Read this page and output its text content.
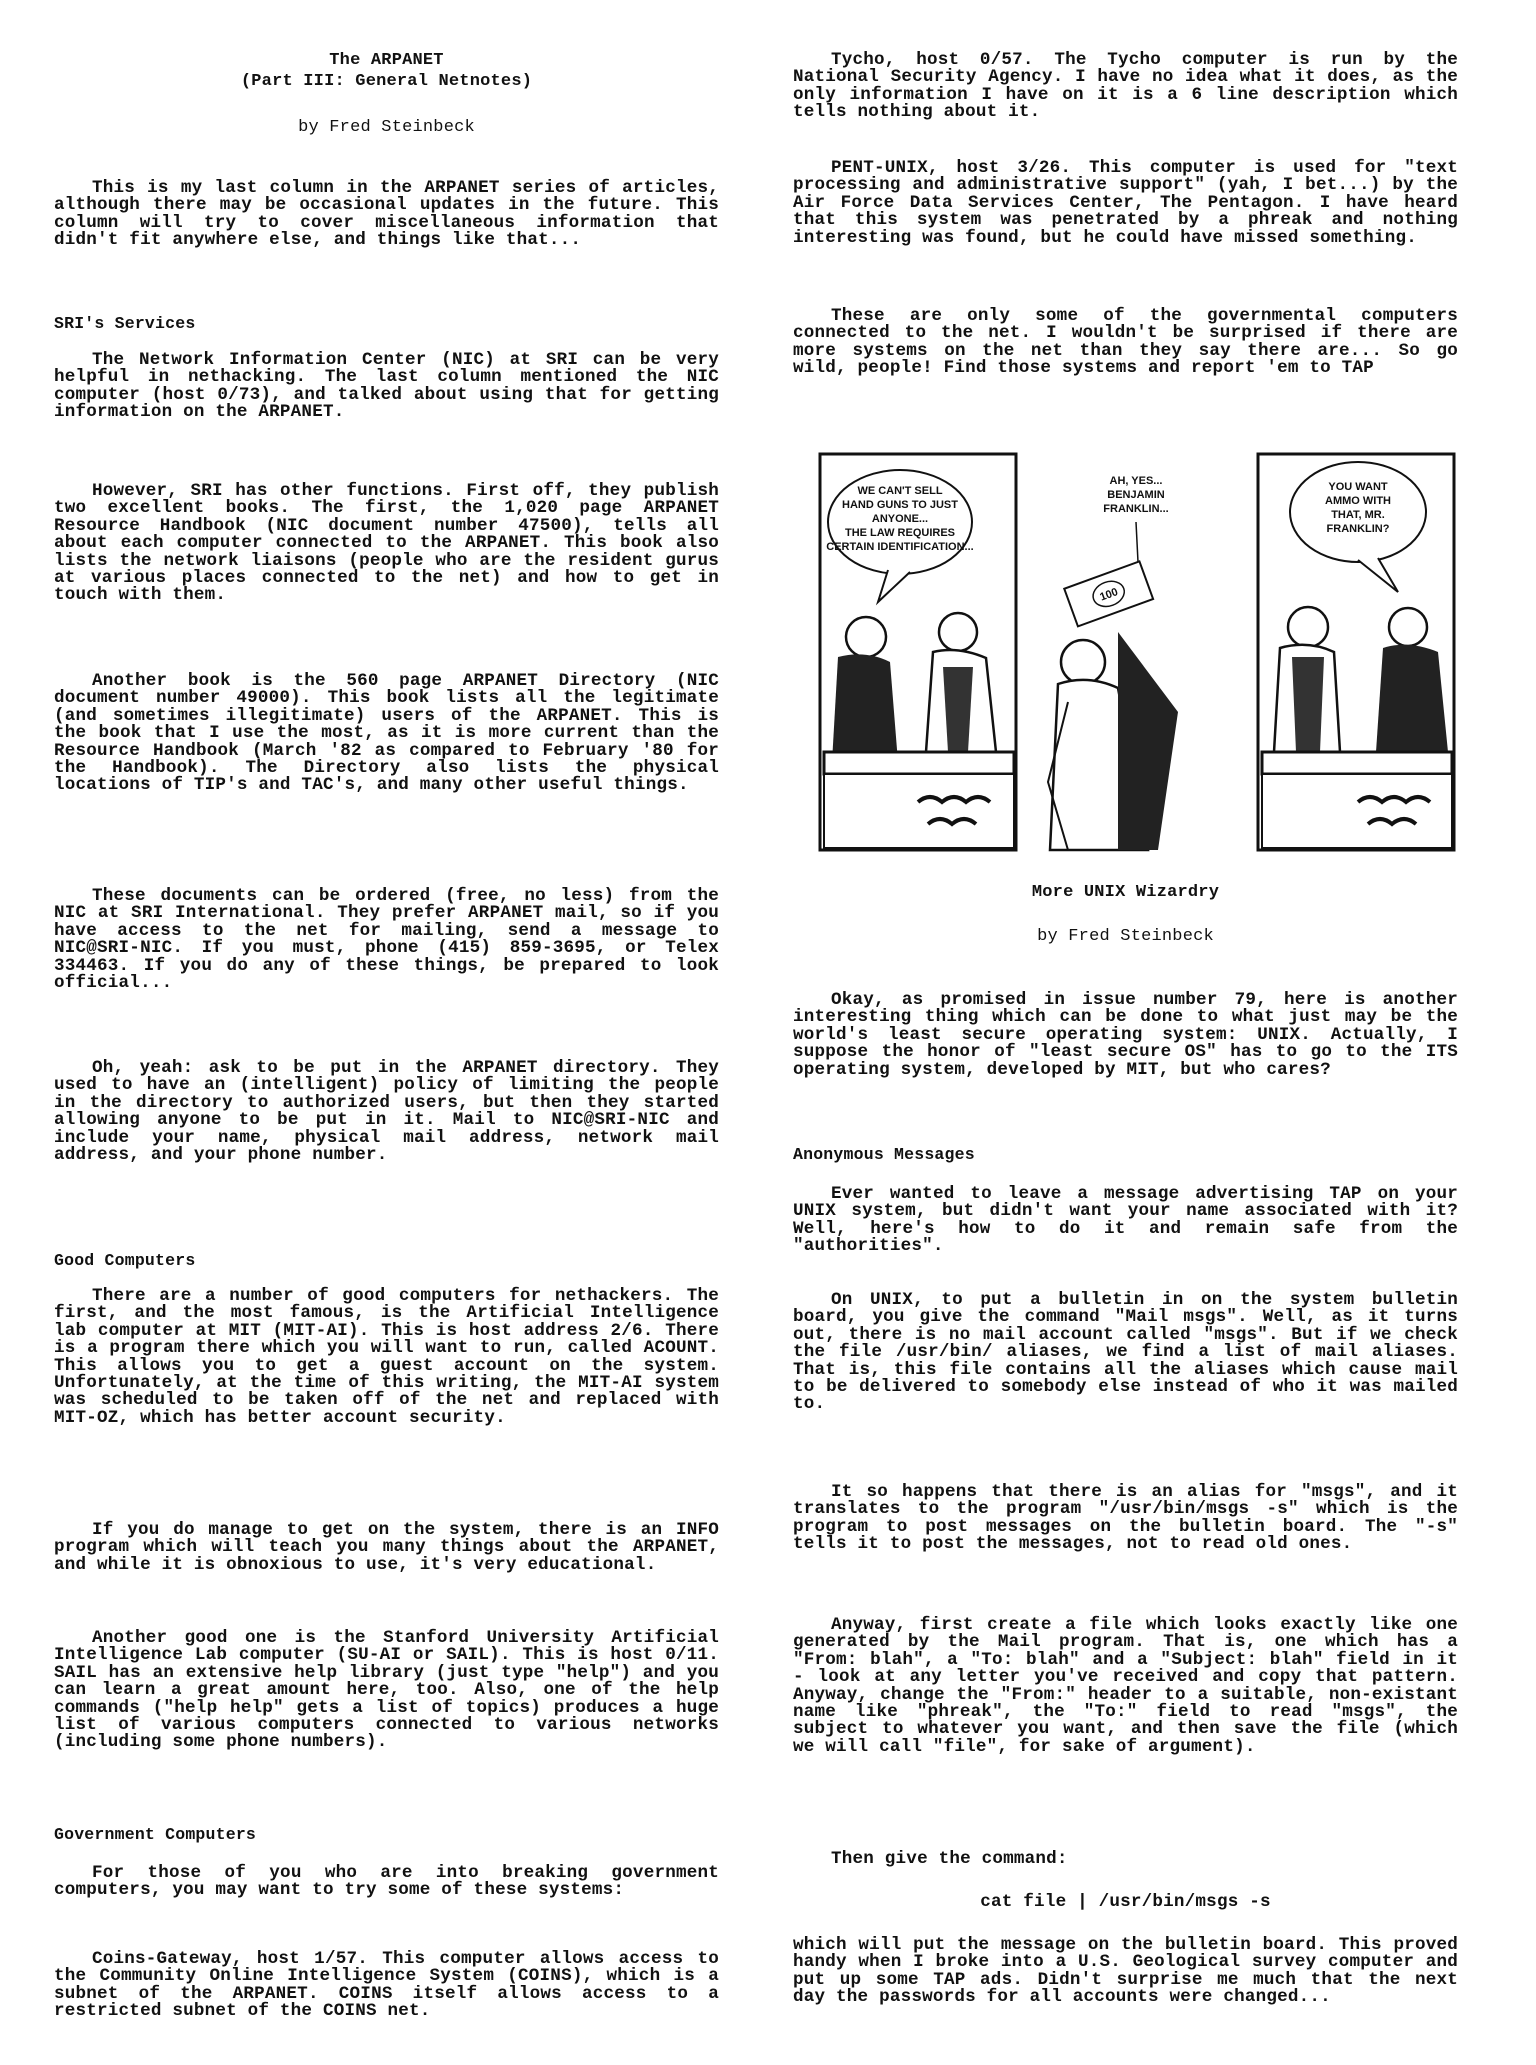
The ARPANET
(Part III: General Netnotes)
by Fred Steinbeck

This is my last column in the ARPANET series of articles, although there may be occasional updates in the future. This column will try to cover miscellaneous information that didn't fit anywhere else, and things like that...

SRI's Services

The Network Information Center (NIC) at SRI can be very helpful in nethacking. The last column mentioned the NIC computer (host 0/73), and talked about using that for getting information on the ARPANET.

However, SRI has other functions. First off, they publish two excellent books. The first, the 1,020 page ARPANET Resource Handbook (NIC document number 47500), tells all about each computer connected to the ARPANET. This book also lists the network liaisons (people who are the resident gurus at various places connected to the net) and how to get in touch with them.

Another book is the 560 page ARPANET Directory (NIC document number 49000). This book lists all the legitimate (and sometimes illegitimate) users of the ARPANET. This is the book that I use the most, as it is more current than the Resource Handbook (March '82 as compared to February '80 for the Handbook). The Directory also lists the physical locations of TIP's and TAC's, and many other useful things.

These documents can be ordered (free, no less) from the NIC at SRI International. They prefer ARPANET mail, so if you have access to the net for mailing, send a message to NIC@SRI-NIC. If you must, phone (415) 859-3695, or Telex 334463. If you do any of these things, be prepared to look official...

Oh, yeah: ask to be put in the ARPANET directory. They used to have an (intelligent) policy of limiting the people in the directory to authorized users, but then they started allowing anyone to be put in it. Mail to NIC@SRI-NIC and include your name, physical mail address, network mail address, and your phone number.

Good Computers

There are a number of good computers for nethackers. The first, and the most famous, is the Artificial Intelligence lab computer at MIT (MIT-AI). This is host address 2/6. There is a program there which you will want to run, called ACOUNT. This allows you to get a guest account on the system. Unfortunately, at the time of this writing, the MIT-AI system was scheduled to be taken off of the net and replaced with MIT-OZ, which has better account security.

If you do manage to get on the system, there is an INFO program which will teach you many things about the ARPANET, and while it is obnoxious to use, it's very educational.

Another good one is the Stanford University Artificial Intelligence Lab computer (SU-AI or SAIL). This is host 0/11. SAIL has an extensive help library (just type "help") and you can learn a great amount here, too. Also, one of the help commands ("help help" gets a list of topics) produces a huge list of various computers connected to various networks (including some phone numbers).

Government Computers

For those of you who are into breaking government computers, you may want to try some of these systems:

Coins-Gateway, host 1/57. This computer allows access to the Community Online Intelligence System (COINS), which is a subnet of the ARPANET. COINS itself allows access to a restricted subnet of the COINS net.

Tycho, host 0/57. The Tycho computer is run by the National Security Agency. I have no idea what it does, as the only information I have on it is a 6 line description which tells nothing about it.

PENT-UNIX, host 3/26. This computer is used for "text processing and administrative support" (yah, I bet...) by the Air Force Data Services Center, The Pentagon. I have heard that this system was penetrated by a phreak and nothing interesting was found, but he could have missed something.

These are only some of the governmental computers connected to the net. I wouldn't be surprised if there are more systems on the net than they say there are... So go wild, people! Find those systems and report 'em to TAP

More UNIX Wizardry
by Fred Steinbeck

Okay, as promised in issue number 79, here is another interesting thing which can be done to what just may be the world's least secure operating system: UNIX. Actually, I suppose the honor of "least secure OS" has to go to the ITS operating system, developed by MIT, but who cares?

Anonymous Messages

Ever wanted to leave a message advertising TAP on your UNIX system, but didn't want your name associated with it? Well, here's how to do it and remain safe from the "authorities".

On UNIX, to put a bulletin in on the system bulletin board, you give the command "Mail msgs". Well, as it turns out, there is no mail account called "msgs". But if we check the file /usr/bin/ aliases, we find a list of mail aliases. That is, this file contains all the aliases which cause mail to be delivered to somebody else instead of who it was mailed to.

It so happens that there is an alias for "msgs", and it translates to the program "/usr/bin/msgs -s" which is the program to post messages on the bulletin board. The "-s" tells it to post the messages, not to read old ones.

Anyway, first create a file which looks exactly like one generated by the Mail program. That is, one which has a "From: blah", a "To: blah" and a "Subject: blah" field in it - look at any letter you've received and copy that pattern. Anyway, change the "From:" header to a suitable, non-existant name like "phreak", the "To:" field to read "msgs", the subject to whatever you want, and then save the file (which we will call "file", for sake of argument).

Then give the command:

cat file | /usr/bin/msgs -s

which will put the message on the bulletin board. This proved handy when I broke into a U.S. Geological survey computer and put up some TAP ads. Didn't surprise me much that the next day the passwords for all accounts were changed...

WE CAN'T SELL
HAND GUNS TO JUST
ANYONE...
THE LAW REQUIRES
CERTAIN IDENTIFICATION...
AH, YES...
BENJAMIN
FRANKLIN...
100
YOU WANT
AMMO WITH
THAT, MR.
FRANKLIN?
